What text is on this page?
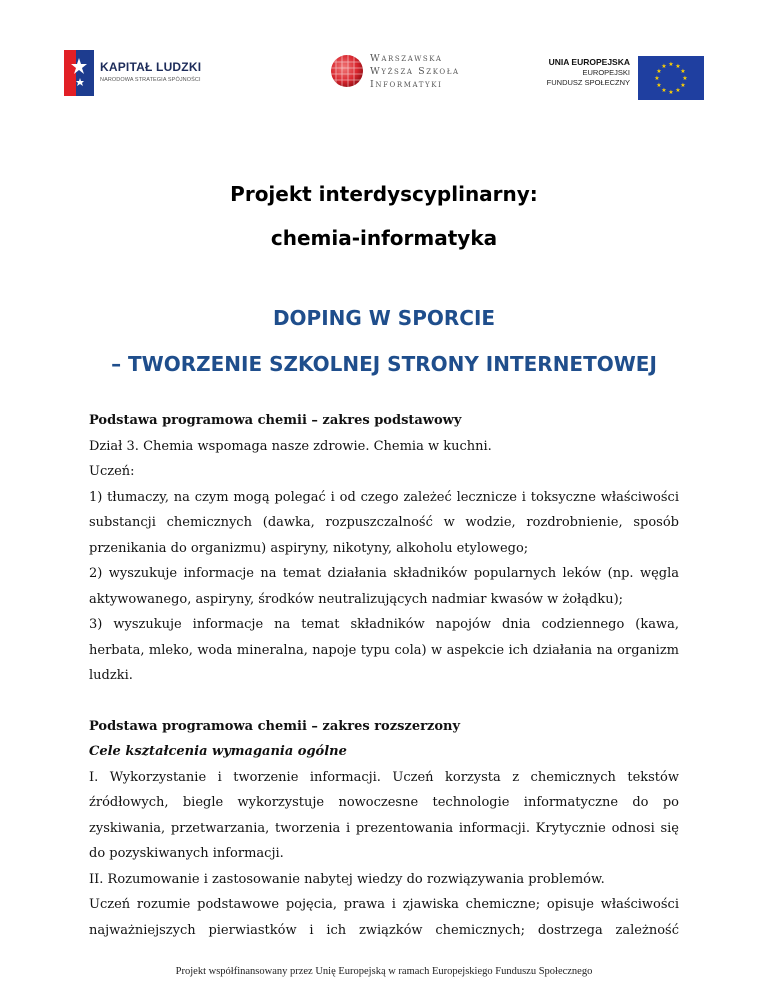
KAPITAŁ LUDZKI
NARODOWA STRATEGIA SPÓJNOŚCI
Warszawska
Wyższa Szkoła
Informatyki
UNIA EUROPEJSKA
EUROPEJSKI
FUNDUSZ SPOŁECZNY
★ ★
★
★
★
★
★
★
★
★
★
★
Projekt interdyscyplinarny:
chemia-informatyka
DOPING W SPORCIE
– TWORZENIE SZKOLNEJ STRONY INTERNETOWEJ

Podstawa programowa chemii – zakres podstawowy

Dział 3. Chemia wspomaga nasze zdrowie. Chemia w kuchni.

Uczeń:

1) tłumaczy, na czym mogą polegać i od czego zależeć lecznicze i toksyczne właściwości

substancji chemicznych (dawka, rozpuszczalność w wodzie, rozdrobnienie, sposób

przenikania do organizmu) aspiryny, nikotyny, alkoholu etylowego;

2) wyszukuje informacje na temat działania składników popularnych leków (np. węgla

aktywowanego, aspiryny, środków neutralizujących nadmiar kwasów w żołądku);

3) wyszukuje informacje na temat składników napojów dnia codziennego (kawa,

herbata, mleko, woda mineralna, napoje typu cola) w aspekcie ich działania na organizm

ludzki.

Podstawa programowa chemii – zakres rozszerzony

Cele kształcenia wymagania ogólne

I. Wykorzystanie i tworzenie informacji. Uczeń korzysta z chemicznych tekstów

źródłowych, biegle wykorzystuje nowoczesne technologie informatyczne do po

zyskiwania, przetwarzania, tworzenia i prezentowania informacji. Krytycznie odnosi się

do pozyskiwanych informacji.

II. Rozumowanie i zastosowanie nabytej wiedzy do rozwiązywania problemów.

Uczeń rozumie podstawowe pojęcia, prawa i zjawiska chemiczne; opisuje właściwości

najważniejszych pierwiastków i ich związków chemicznych; dostrzega zależność

Projekt współfinansowany przez Unię Europejską w ramach Europejskiego Funduszu Społecznego
